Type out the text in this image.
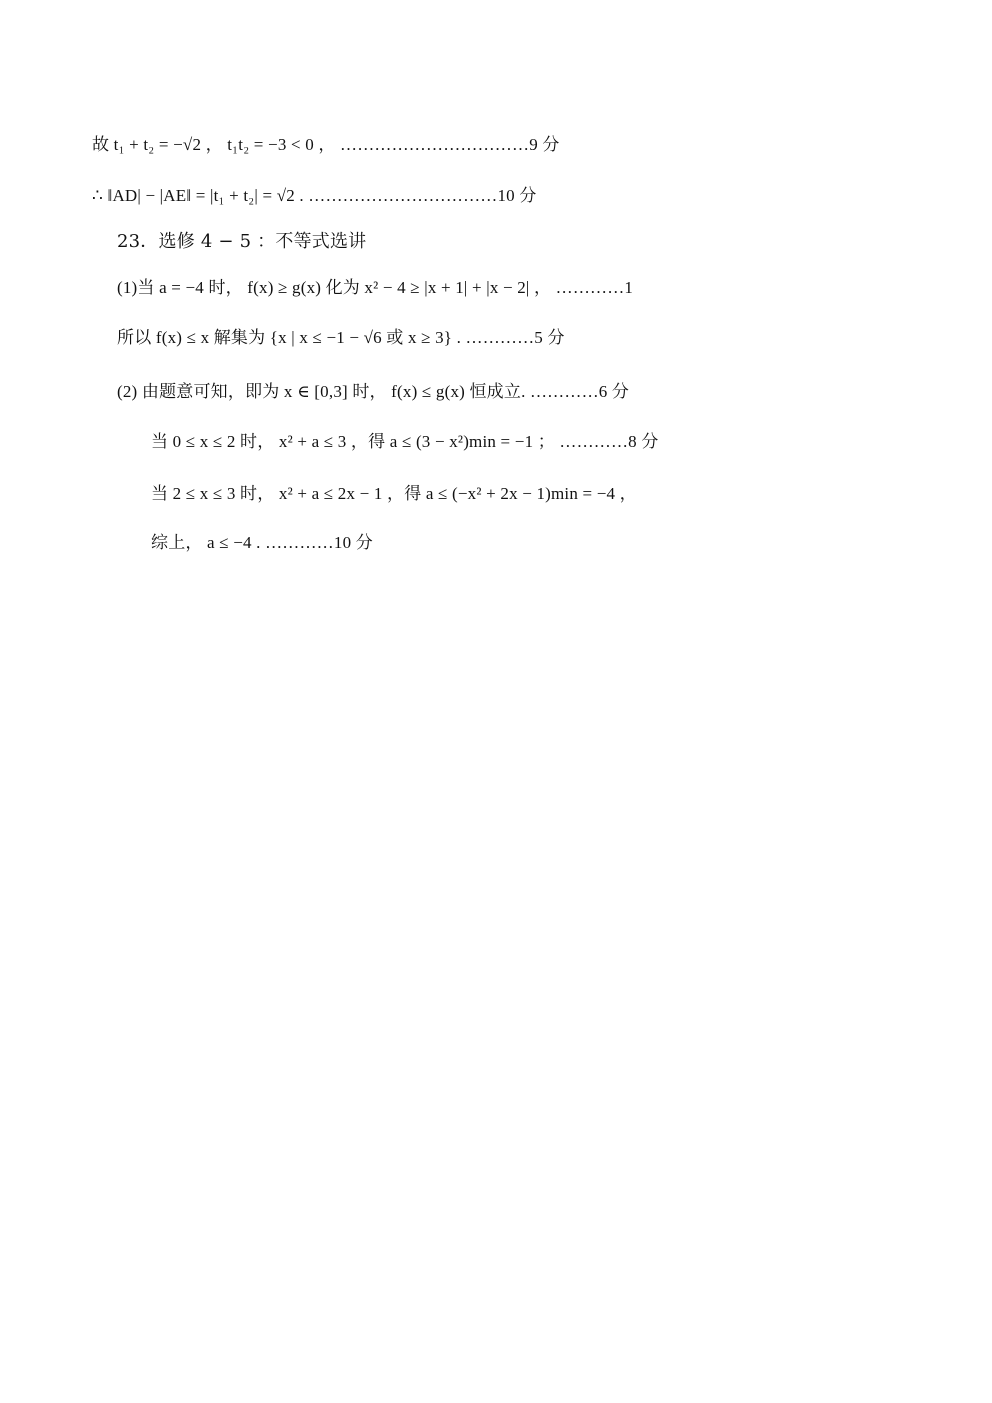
故 t₁ + t₂ = −√2 ， t₁t₂ = −3 < 0 ， ……………………………9 分
∴ ‖AD| − |AE‖ = |t₁ + t₂| = √2 . ……………………………10 分
23．选修 4 − 5 ：不等式选讲
(1)当 a = −4 时， f(x) ≥ g(x) 化为 x² − 4 ≥ |x + 1| + |x − 2| ， …………1
所以 f(x) ≤ x 解集为 {x | x ≤ −1 − √6 或 x ≥ 3} . …………5 分
(2) 由题意可知，即为 x ∈ [0,3] 时， f(x) ≤ g(x) 恒成立. …………6 分
当 0 ≤ x ≤ 2 时， x² + a ≤ 3 ，得 a ≤ (3 − x²)min = −1 ； …………8 分
当 2 ≤ x ≤ 3 时， x² + a ≤ 2x − 1 ，得 a ≤ (−x² + 2x − 1)min = −4 ，
综上， a ≤ −4 . …………10 分
